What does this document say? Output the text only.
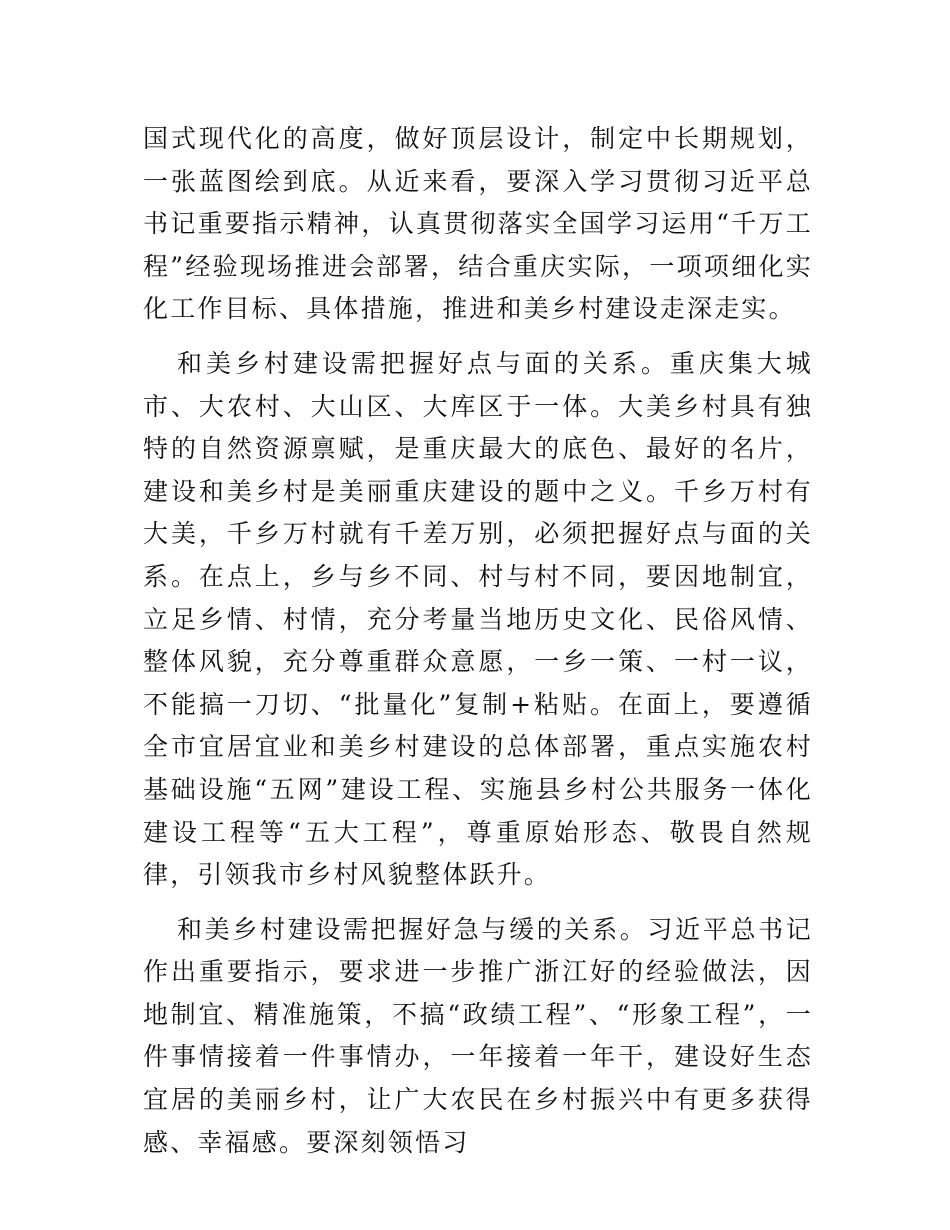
国式现代化的高度，做好顶层设计，制定中长期规划，一张蓝图绘到底。从近来看，要深入学习贯彻习近平总书记重要指示精神，认真贯彻落实全国学习运用“千万工程”经验现场推进会部署，结合重庆实际，一项项细化实化工作目标、具体措施，推进和美乡村建设走深走实。

和美乡村建设需把握好点与面的关系。重庆集大城市、大农村、大山区、大库区于一体。大美乡村具有独特的自然资源禀赋，是重庆最大的底色、最好的名片，建设和美乡村是美丽重庆建设的题中之义。千乡万村有大美，千乡万村就有千差万别，必须把握好点与面的关系。在点上，乡与乡不同、村与村不同，要因地制宜，立足乡情、村情，充分考量当地历史文化、民俗风情、整体风貌，充分尊重群众意愿，一乡一策、一村一议，不能搞一刀切、“批量化”复制+粘贴。在面上，要遵循全市宜居宜业和美乡村建设的总体部署，重点实施农村基础设施“五网”建设工程、实施县乡村公共服务一体化建设工程等“五大工程”，尊重原始形态、敬畏自然规律，引领我市乡村风貌整体跃升。

和美乡村建设需把握好急与缓的关系。习近平总书记作出重要指示，要求进一步推广浙江好的经验做法，因地制宜、精准施策，不搞“政绩工程”、“形象工程”，一件事情接着一件事情办，一年接着一年干，建设好生态宜居的美丽乡村，让广大农民在乡村振兴中有更多获得感、幸福感。要深刻领悟习
